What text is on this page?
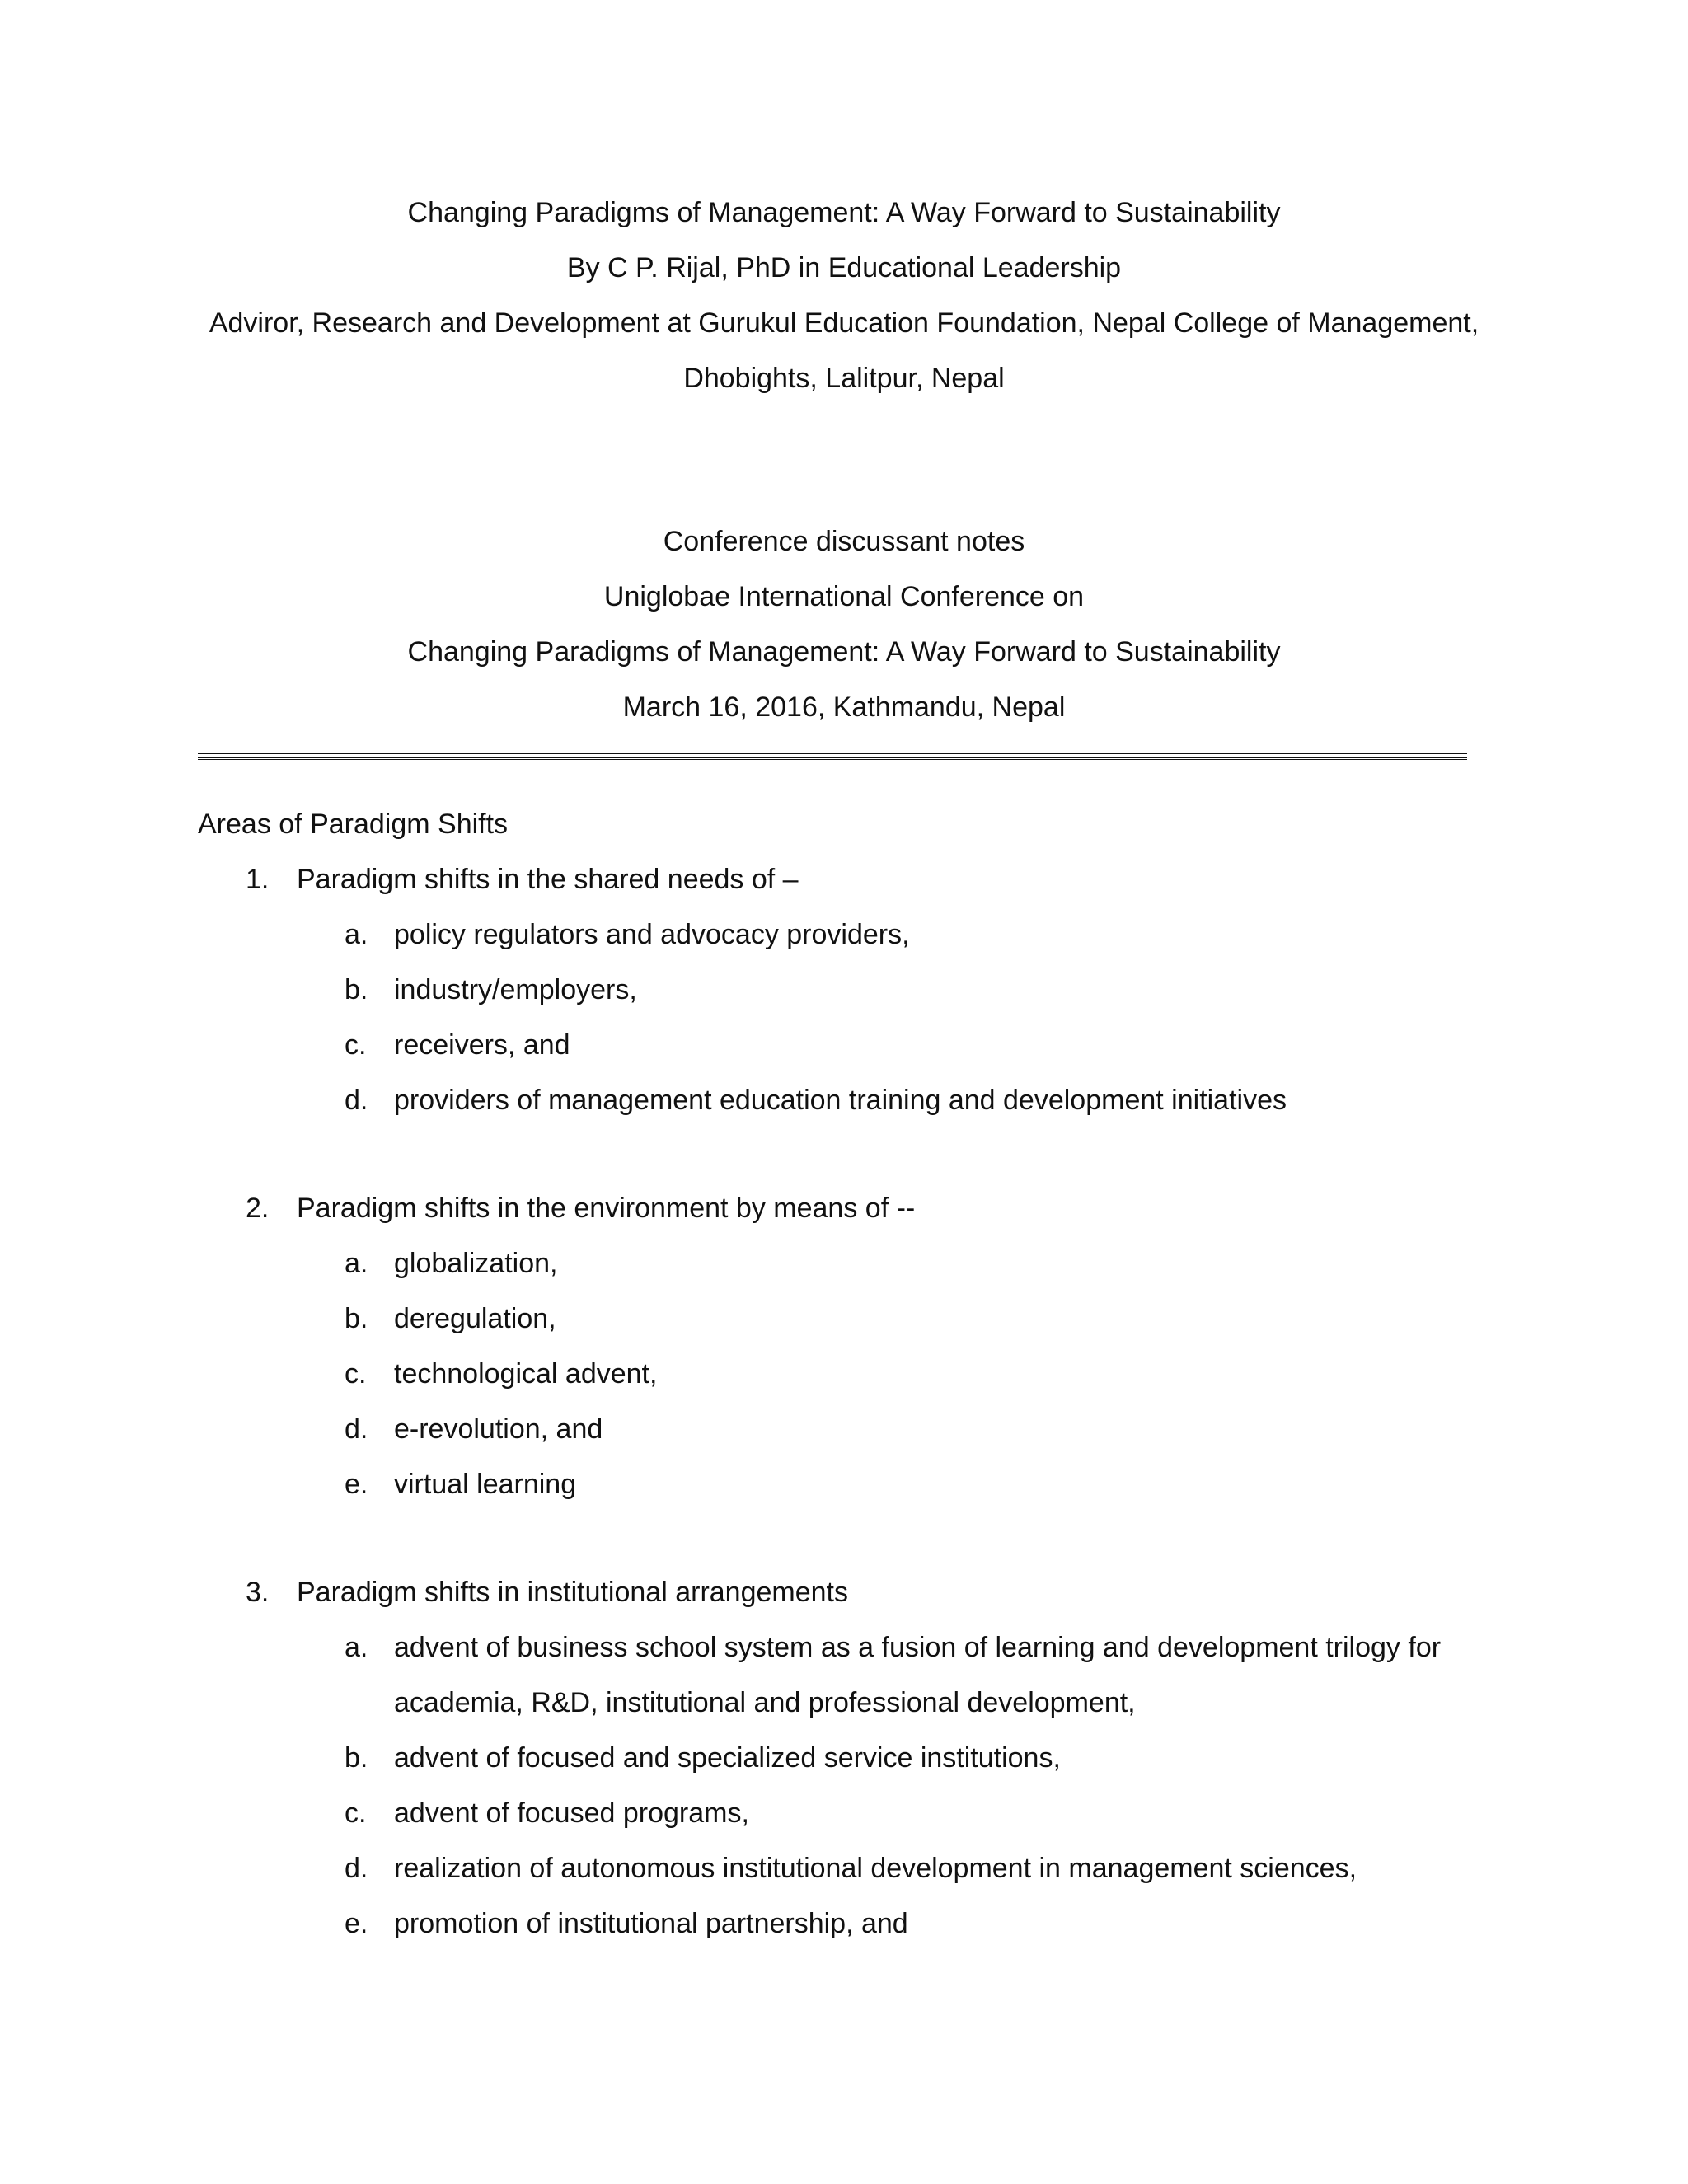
Changing Paradigms of Management: A Way Forward to Sustainability
By C P. Rijal, PhD in Educational Leadership
Adviror, Research and Development at Gurukul Education Foundation, Nepal College of Management,
Dhobights, Lalitpur, Nepal
Conference discussant notes
Uniglobae International Conference on
Changing Paradigms of Management: A Way Forward to Sustainability
March 16, 2016, Kathmandu, Nepal
Areas of Paradigm Shifts
1. Paradigm shifts in the shared needs of –
a. policy regulators and advocacy providers,
b. industry/employers,
c. receivers, and
d. providers of management education training and development initiatives
2. Paradigm shifts in the environment by means of --
a. globalization,
b. deregulation,
c. technological advent,
d. e-revolution, and
e. virtual learning
3. Paradigm shifts in institutional arrangements
a. advent of business school system as a fusion of learning and development trilogy for
academia, R&D, institutional and professional development,
b. advent of focused and specialized service institutions,
c. advent of focused programs,
d. realization of autonomous institutional development in management sciences,
e. promotion of institutional partnership, and
